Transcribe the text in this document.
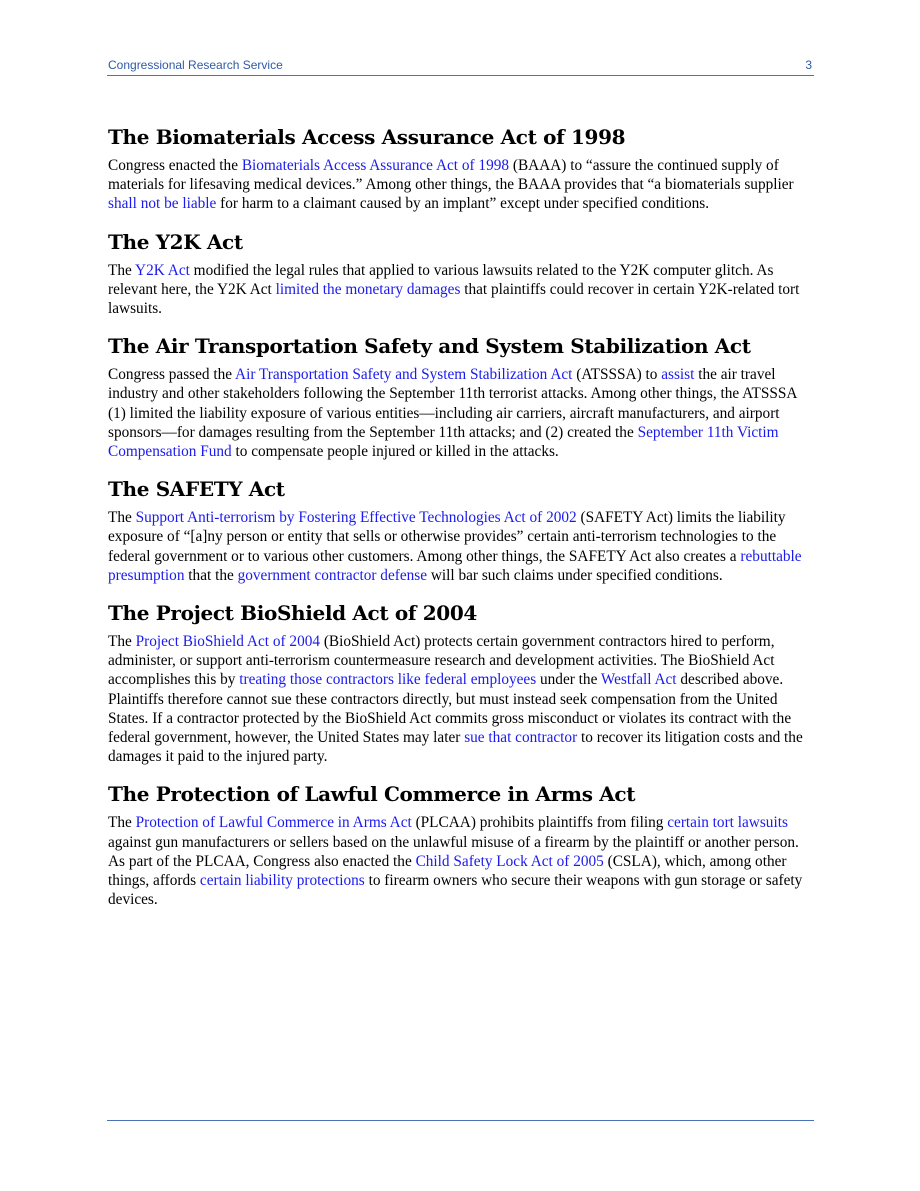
Congressional Research Service	3
The Biomaterials Access Assurance Act of 1998

Congress enacted the Biomaterials Access Assurance Act of 1998 (BAAA) to “assure the continued supply of materials for lifesaving medical devices.” Among other things, the BAAA provides that “a biomaterials supplier shall not be liable for harm to a claimant caused by an implant” except under specified conditions.

The Y2K Act

The Y2K Act modified the legal rules that applied to various lawsuits related to the Y2K computer glitch. As relevant here, the Y2K Act limited the monetary damages that plaintiffs could recover in certain Y2K-related tort lawsuits.

The Air Transportation Safety and System Stabilization Act

Congress passed the Air Transportation Safety and System Stabilization Act (ATSSSA) to assist the air travel industry and other stakeholders following the September 11th terrorist attacks. Among other things, the ATSSSA (1) limited the liability exposure of various entities—including air carriers, aircraft manufacturers, and airport sponsors—for damages resulting from the September 11th attacks; and (2) created the September 11th Victim Compensation Fund to compensate people injured or killed in the attacks.

The SAFETY Act

The Support Anti-terrorism by Fostering Effective Technologies Act of 2002 (SAFETY Act) limits the liability exposure of “[a]ny person or entity that sells or otherwise provides” certain anti-terrorism technologies to the federal government or to various other customers. Among other things, the SAFETY Act also creates a rebuttable presumption that the government contractor defense will bar such claims under specified conditions.

The Project BioShield Act of 2004

The Project BioShield Act of 2004 (BioShield Act) protects certain government contractors hired to perform, administer, or support anti-terrorism countermeasure research and development activities. The BioShield Act accomplishes this by treating those contractors like federal employees under the Westfall Act described above. Plaintiffs therefore cannot sue these contractors directly, but must instead seek compensation from the United States. If a contractor protected by the BioShield Act commits gross misconduct or violates its contract with the federal government, however, the United States may later sue that contractor to recover its litigation costs and the damages it paid to the injured party.

The Protection of Lawful Commerce in Arms Act

The Protection of Lawful Commerce in Arms Act (PLCAA) prohibits plaintiffs from filing certain tort lawsuits against gun manufacturers or sellers based on the unlawful misuse of a firearm by the plaintiff or another person. As part of the PLCAA, Congress also enacted the Child Safety Lock Act of 2005 (CSLA), which, among other things, affords certain liability protections to firearm owners who secure their weapons with gun storage or safety devices.
